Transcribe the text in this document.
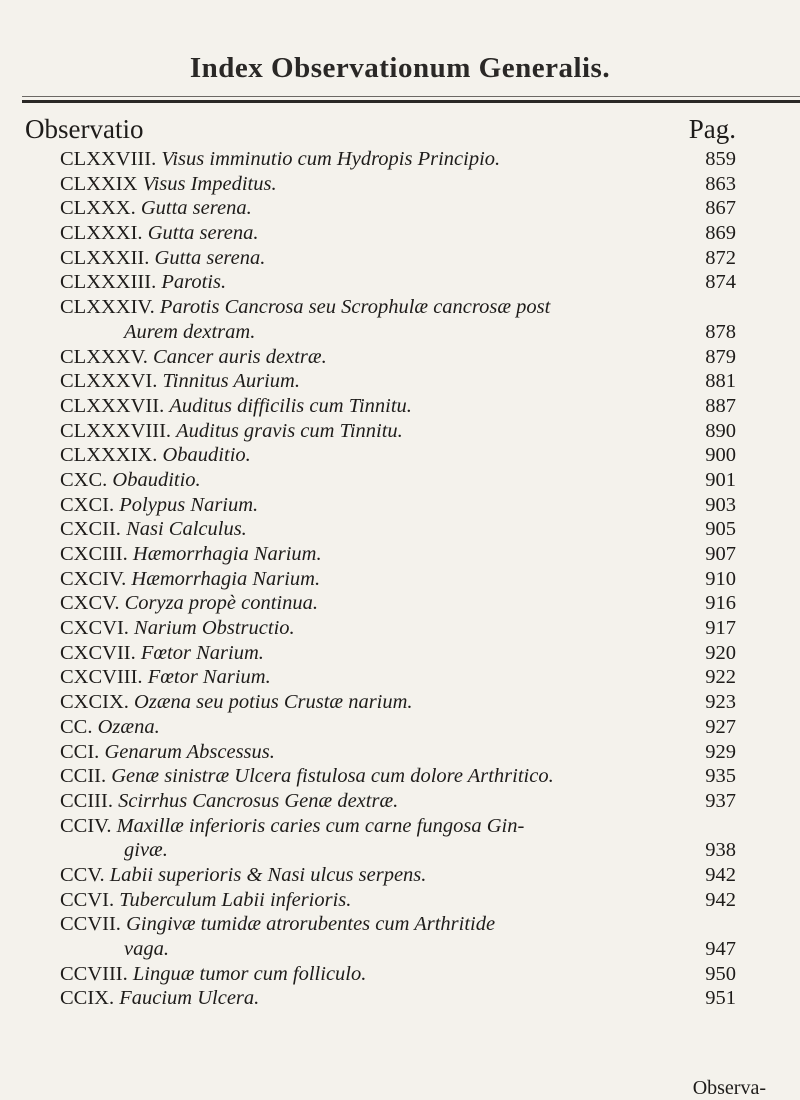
Index Observationum Generalis.
Observatio	Pag.
CLXXVIII. Visus imminutio cum Hydropis Principio.	859
CLXXIX Visus Impeditus.	863
CLXXX. Gutta serena.	867
CLXXXI. Gutta serena.	869
CLXXXII. Gutta serena.	872
CLXXXIII. Parotis.	874
CLXXXIV. Parotis Cancrosa seu Scrophulæ cancrosæ post
Aurem dextram.	878
CLXXXV. Cancer auris dextræ.	879
CLXXXVI. Tinnitus Aurium.	881
CLXXXVII. Auditus difficilis cum Tinnitu.	887
CLXXXVIII. Auditus gravis cum Tinnitu.	890
CLXXXIX. Obauditio.	900
CXC. Obauditio.	901
CXCI. Polypus Narium.	903
CXCII. Nasi Calculus.	905
CXCIII. Hæmorrhagia Narium.	907
CXCIV. Hæmorrhagia Narium.	910
CXCV. Coryza propè continua.	916
CXCVI. Narium Obstructio.	917
CXCVII. Fœtor Narium.	920
CXCVIII. Fœtor Narium.	922
CXCIX. Ozæna seu potius Crustæ narium.	923
CC. Ozæna.	927
CCI. Genarum Abscessus.	929
CCII. Genæ sinistræ Ulcera fistulosa cum dolore Arthritico.	935
CCIII. Scirrhus Cancrosus Genæ dextræ.	937
CCIV. Maxillæ inferioris caries cum carne fungosa Gin-
givæ.	938
CCV. Labii superioris & Nasi ulcus serpens.	942
CCVI. Tuberculum Labii inferioris.	942
CCVII. Gingivæ tumidæ atrorubentes cum Arthritide
vaga.	947
CCVIII. Linguæ tumor cum folliculo.	950
CCIX. Faucium Ulcera.	951
Observa-
